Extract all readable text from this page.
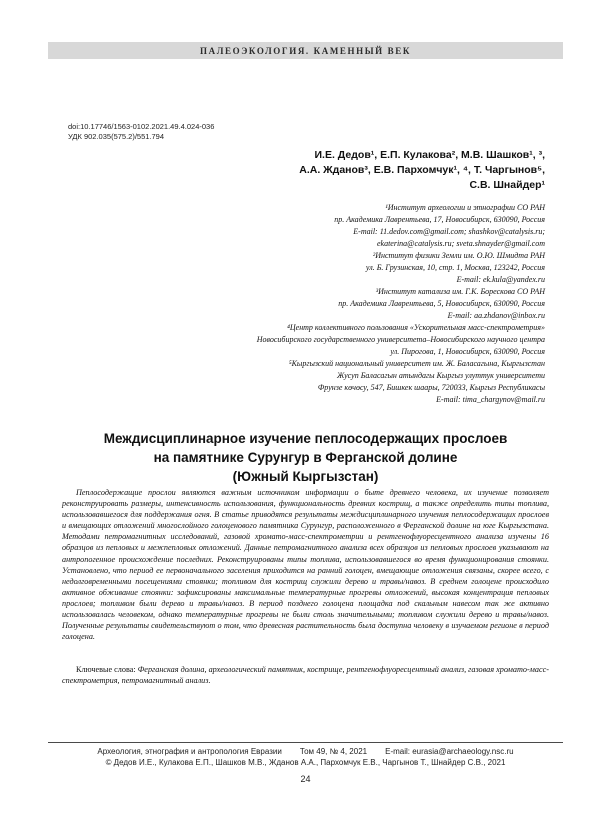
ПАЛЕОЭКОЛОГИЯ. КАМЕННЫЙ ВЕК
doi:10.17746/1563-0102.2021.49.4.024-036
УДК 902.035(575.2)/551.794
И.Е. Дедов¹, Е.П. Кулакова², М.В. Шашков¹, ³,
А.А. Жданов³, Е.В. Пархомчук¹, ⁴, Т. Чаргынов⁵,
С.В. Шнайдер¹
¹Институт археологии и этнографии СО РАН
пр. Академика Лаврентьева, 17, Новосибирск, 630090, Россия
E-mail: 11.dedov.com@gmail.com; shashkov@catalysis.ru;
ekaterina@catalysis.ru; sveta.shnayder@gmail.com
²Институт физики Земли им. О.Ю. Шмидта РАН
ул. Б. Грузинская, 10, стр. 1, Москва, 123242, Россия
E-mail: ek.kula@yandex.ru
³Институт катализа им. Г.К. Борескова СО РАН
пр. Академика Лаврентьева, 5, Новосибирск, 630090, Россия
E-mail: aa.zhdanov@inbox.ru
⁴Центр коллективного пользования «Ускорительная масс-спектрометрия»
Новосибирского государственного университета–Новосибирского научного центра
ул. Пирогова, 1, Новосибирск, 630090, Россия
⁵Кыргызский национальный университет им. Ж. Баласагына, Кыргызстан
Жусуп Баласагын атындагы Кыргыз улуттук университети
Фрунзе көчөсу, 547, Бишкек шаары, 720033, Кыргыз Республикасы
E-mail: tima_chargynov@mail.ru
Междисциплинарное изучение пеплосодержащих прослоев
на памятнике Сурунгур в Ферганской долине
(Южный Кыргызстан)

Пеплосодержащие прослои являются важным источником информации о быте древнего человека, их изучение позволяет реконструировать размеры, интенсивность использования, функциональность древних кострищ, а также определить типы топлива, использовавшегося для поддержания огня. В статье приводятся результаты междисциплинарного изучения пеплосодержащих прослоев и вмещающих отложений многослойного голоценового памятника Сурунгур, расположенного в Ферганской долине на юге Кыргызстана. Методами петромагнитных исследований, газовой хромато-масс-спектрометрии и рентгенофлуоресцентного анализа изучены 16 образцов из пепловых и межпепловых отложений. Данные петромагнитного анализа всех образцов из пепловых прослоев указывают на антропогенное происхождение последних. Реконструированы типы топлива, использовавшегося во время функционирования стоянки. Установлено, что период ее первоначального заселения приходится на ранний голоцен, вмещающие отложения связаны, скорее всего, с недолговременными посещениями стоянки; топливом для кострищ служили дерево и травы/навоз. В среднем голоцене происходило активное обживание стоянки: зафиксированы максимальные температурные прогревы отложений, высокая концентрация пепловых прослоев; топливом были дерево и травы/навоз. В период позднего голоцена площадка под скальным навесом так же активно использовалась человеком, однако температурные прогревы не были столь значительными; топливом служили дерево и травы/навоз. Полученные результаты свидетельствуют о том, что древесная растительность была доступна человеку в изучаемом регионе в период голоцена.

Ключевые слова: Ферганская долина, археологический памятник, кострище, рентгенофлуоресцентный анализ, газовая хромато-масс-спектрометрия, петромагнитный анализ.

Археология, этнография и антропология Евразии Том 49, № 4, 2021 E-mail: eurasia@archaeology.nsc.ru
© Дедов И.Е., Кулакова Е.П., Шашков М.В., Жданов А.А., Пархомчук Е.В., Чаргынов Т., Шнайдер С.В., 2021
24
